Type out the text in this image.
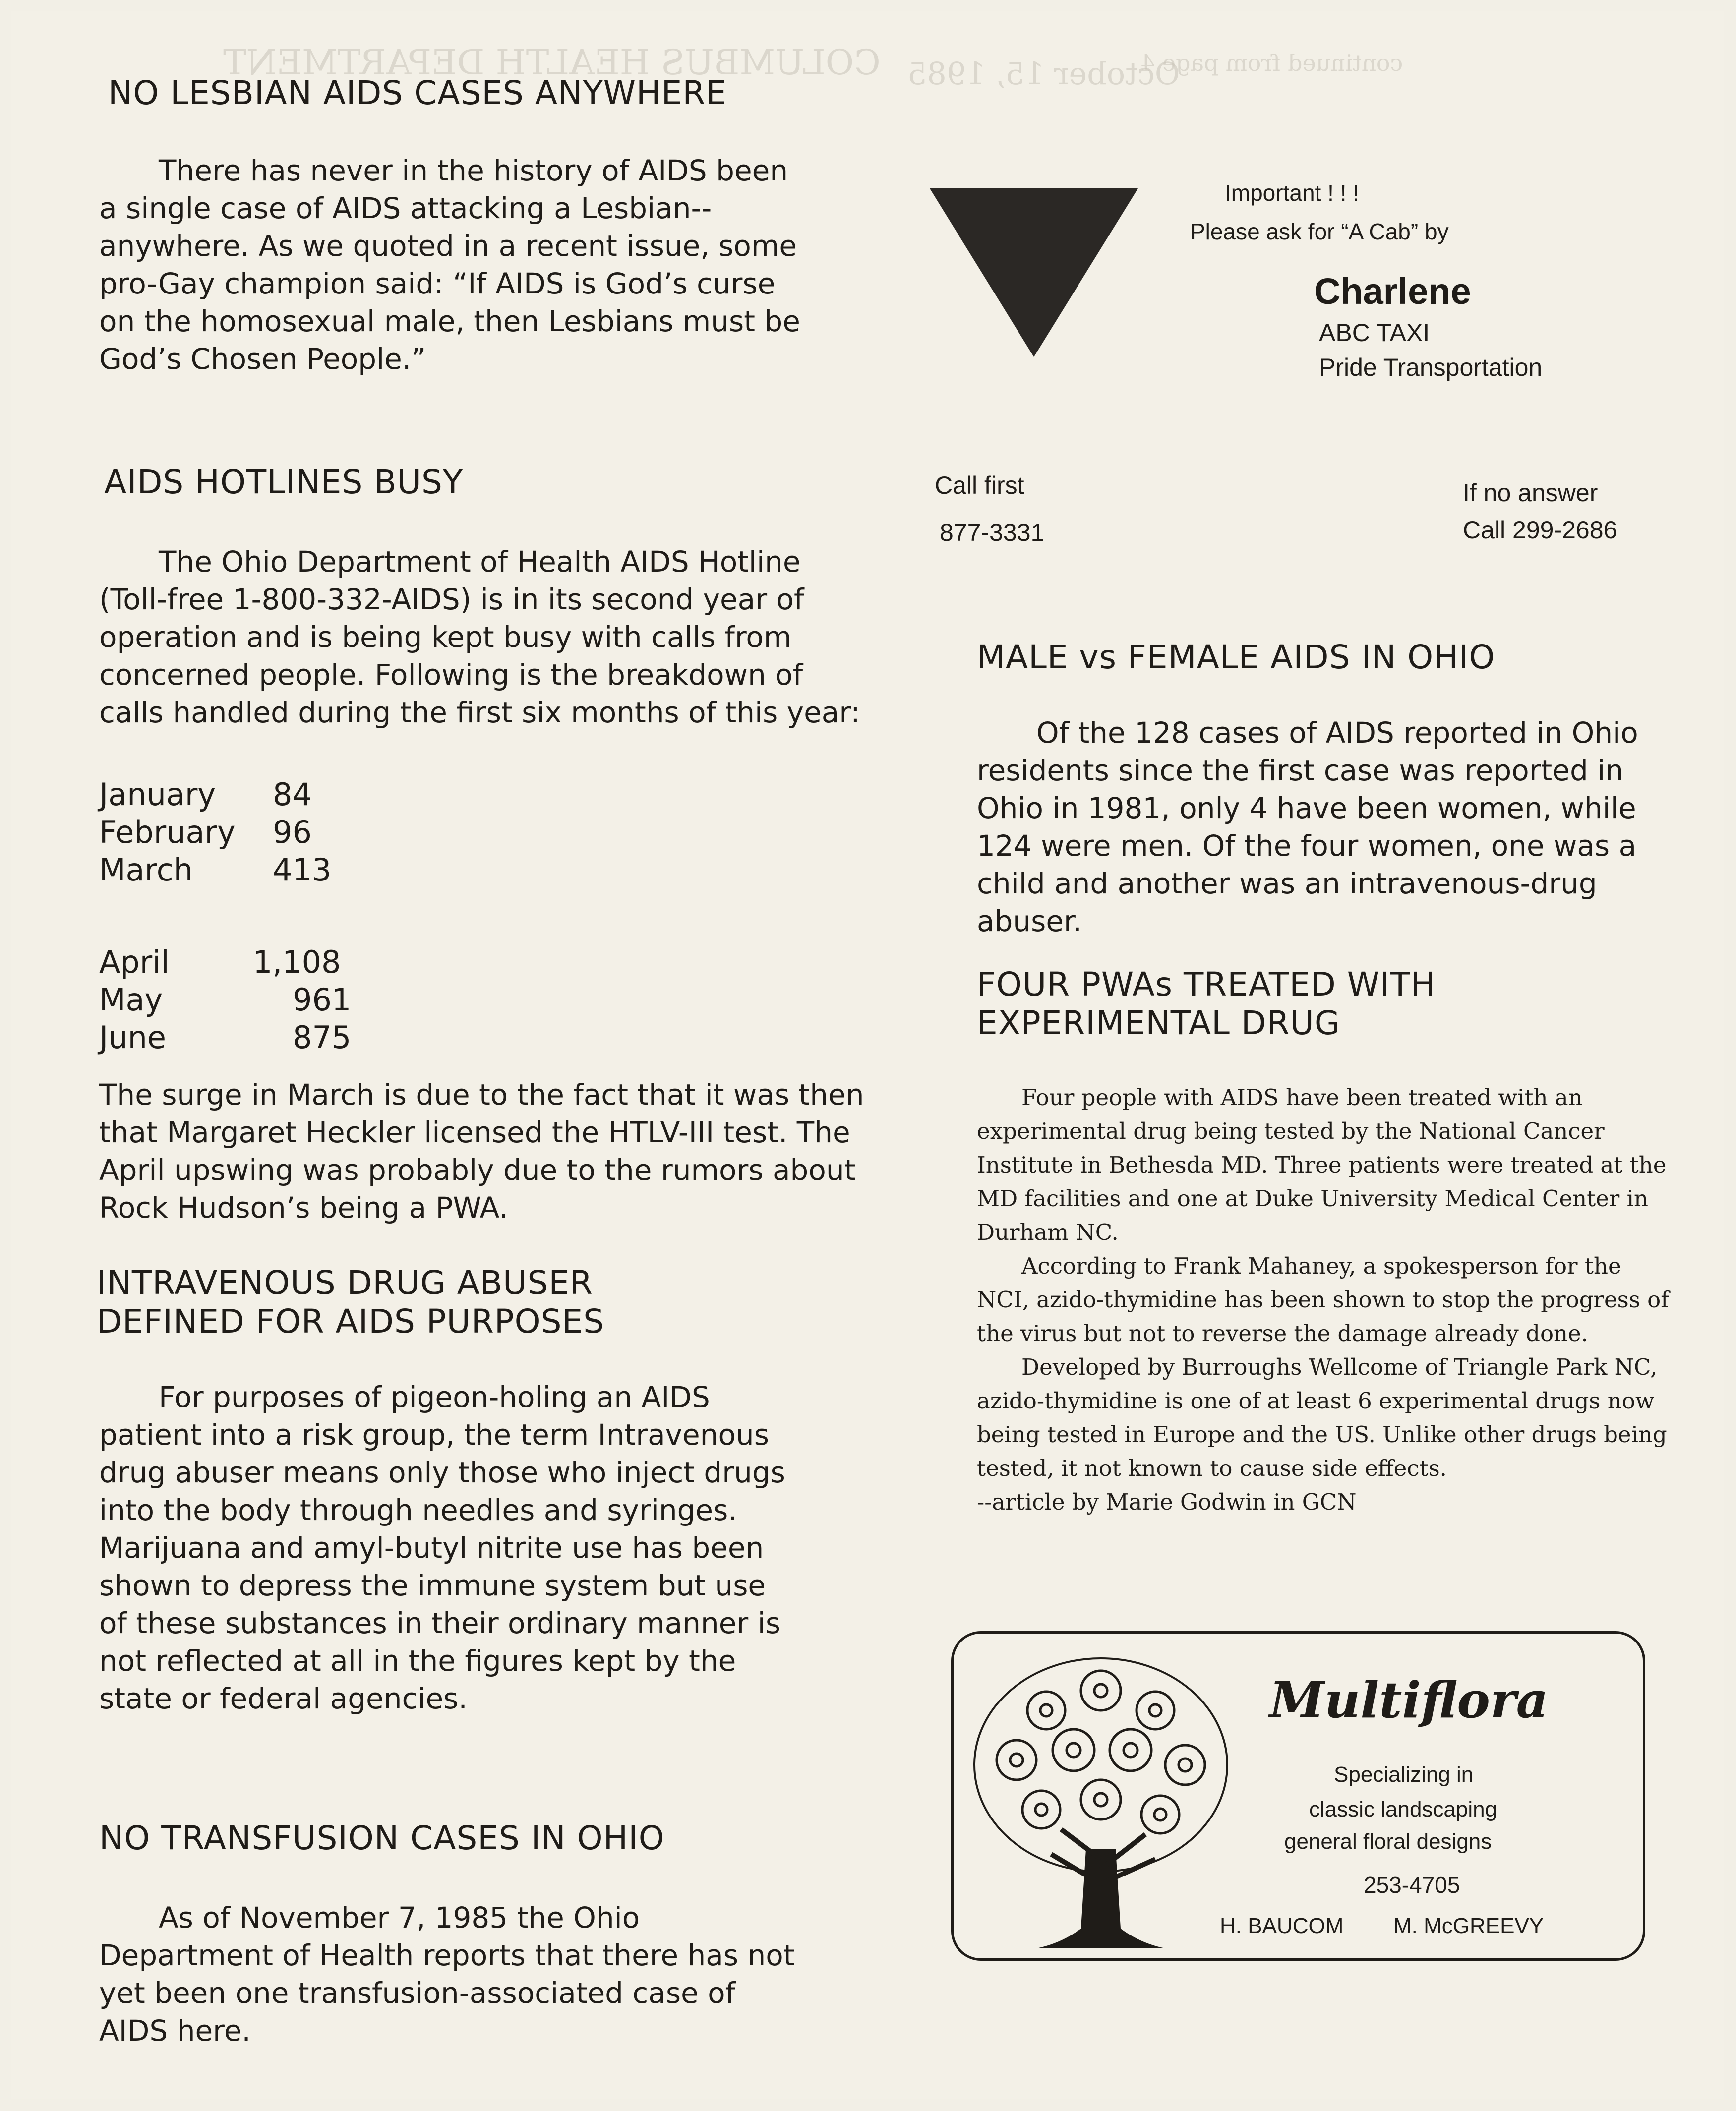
COLUMBUS HEALTH DEPARTMENT October 15, 1985
continued from page 4
NO LESBIAN AIDS CASES ANYWHERE

There has never in the history of AIDS been a single case of AIDS attacking a Lesbian--anywhere. As we quoted in a recent issue, some pro-Gay champion said: “If AIDS is God’s curse on the homosexual male, then Lesbians must be God’s Chosen People.”

AIDS HOTLINES BUSY

The Ohio Department of Health AIDS Hotline (Toll-free 1-800-332-AIDS) is in its second year of operation and is being kept busy with calls from concerned people. Following is the breakdown of calls handled during the first six months of this year:

January	84
February	96
March	413
April	1,108
May	961
June	875

The surge in March is due to the fact that it was then that Margaret Heckler licensed the HTLV-III test. The April upswing was probably due to the rumors about Rock Hudson’s being a PWA.

INTRAVENOUS DRUG ABUSER
DEFINED FOR AIDS PURPOSES

For purposes of pigeon-holing an AIDS patient into a risk group, the term Intravenous drug abuser means only those who inject drugs into the body through needles and syringes. Marijuana and amyl-butyl nitrite use has been shown to depress the immune system but use of these substances in their ordinary manner is not reflected at all in the figures kept by the state or federal agencies.

NO TRANSFUSION CASES IN OHIO

As of November 7, 1985 the Ohio Department of Health reports that there has not yet been one transfusion-associated case of AIDS here.

Important ! ! !
Please ask for “A Cab” by
Charlene
ABC TAXI
Pride Transportation
Call first
877-3331
If no answer
Call 299-2686
MALE vs FEMALE AIDS IN OHIO

Of the 128 cases of AIDS reported in Ohio residents since the first case was reported in Ohio in 1981, only 4 have been women, while 124 were men. Of the four women, one was a child and another was an intravenous-drug abuser.

FOUR PWAs TREATED WITH
EXPERIMENTAL DRUG

Four people with AIDS have been treated with an experimental drug being tested by the National Cancer Institute in Bethesda MD. Three patients were treated at the MD facilities and one at Duke University Medical Center in Durham NC.

According to Frank Mahaney, a spokesperson for the NCI, azido-thymidine has been shown to stop the progress of the virus but not to reverse the damage already done.

Developed by Burroughs Wellcome of Triangle Park NC, azido-thymidine is one of at least 6 experimental drugs now being tested in Europe and the US. Unlike other drugs being tested, it not known to cause side effects.

--article by Marie Godwin in GCN

Multiflora
Specializing in
classic landscaping
general floral designs
253-4705
H. BAUCOM M. McGREEVY
